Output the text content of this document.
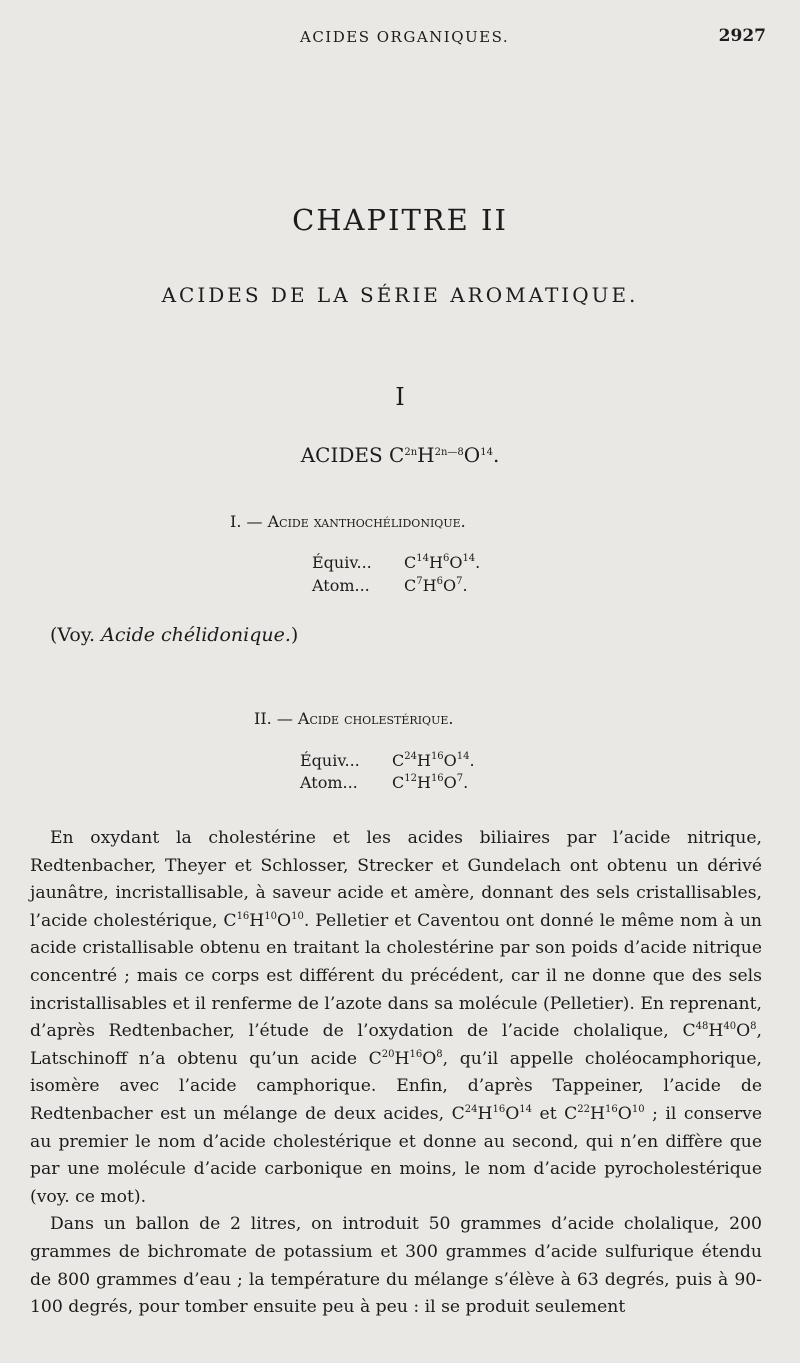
ACIDES ORGANIQUES.	2927
CHAPITRE II
ACIDES DE LA SÉRIE AROMATIQUE.
I
ACIDES $C^{2n}H^{2n—8}O^{14}$.
I. — Acide xanthochélidonique.
Équiv... $C^{14}H^6O^{14}$.
Atom... $C^7H^6O^7$.
(Voy. Acide chélidonique.)
II. — Acide cholestérique.
Équiv... $C^{24}H^{16}O^{14}$.
Atom... $C^{12}H^{16}O^7$.

En oxydant la cholestérine et les acides biliaires par l’acide nitrique, Redtenbacher, Theyer et Schlosser, Strecker et Gundelach ont obtenu un dérivé jaunâtre, incristallisable, à saveur acide et amère, donnant des sels cristallisables, l’acide cholestérique, $C^{16}H^{10}O^{10}$. Pelletier et Caventou ont donné le même nom à un acide cristallisable obtenu en traitant la cholestérine par son poids d’acide nitrique concentré ; mais ce corps est différent du précédent, car il ne donne que des sels incristallisables et il renferme de l’azote dans sa molécule (Pelletier). En reprenant, d’après Redtenbacher, l’étude de l’oxydation de l’acide cholalique, $C^{48}H^{40}O^8$, Latschinoff n’a obtenu qu’un acide $C^{20}H^{16}O^8$, qu’il appelle choléocamphorique, isomère avec l’acide camphorique. Enfin, d’après Tappeiner, l’acide de Redtenbacher est un mélange de deux acides, $C^{24}H^{16}O^{14}$ et $C^{22}H^{16}O^{10}$ ; il conserve au premier le nom d’acide cholestérique et donne au second, qui n’en diffère que par une molécule d’acide carbonique en moins, le nom d’acide pyrocholestérique (voy. ce mot).

Dans un ballon de 2 litres, on introduit 50 grammes d’acide cholalique, 200 grammes de bichromate de potassium et 300 grammes d’acide sulfurique étendu de 800 grammes d’eau ; la température du mélange s’élève à 63 degrés, puis à 90-100 degrés, pour tomber ensuite peu à peu : il se produit seulement
